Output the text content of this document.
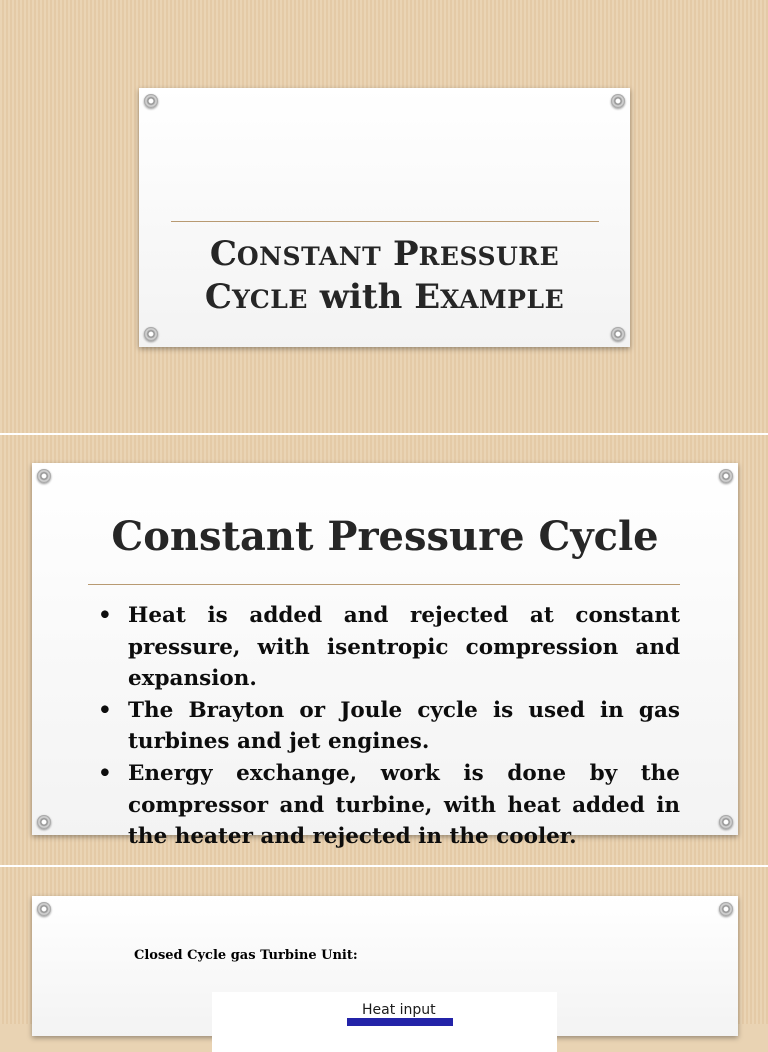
CONSTANT PRESSURE
CYCLE with EXAMPLE
Constant Pressure Cycle
• Heat is added and rejected at constant pressure, with isentropic compression and expansion.
• The Brayton or Joule cycle is used in gas turbines and jet engines.
• Energy exchange, work is done by the compressor and turbine, with heat added in the heater and rejected in the cooler.
Closed Cycle gas Turbine Unit:
Heat input
